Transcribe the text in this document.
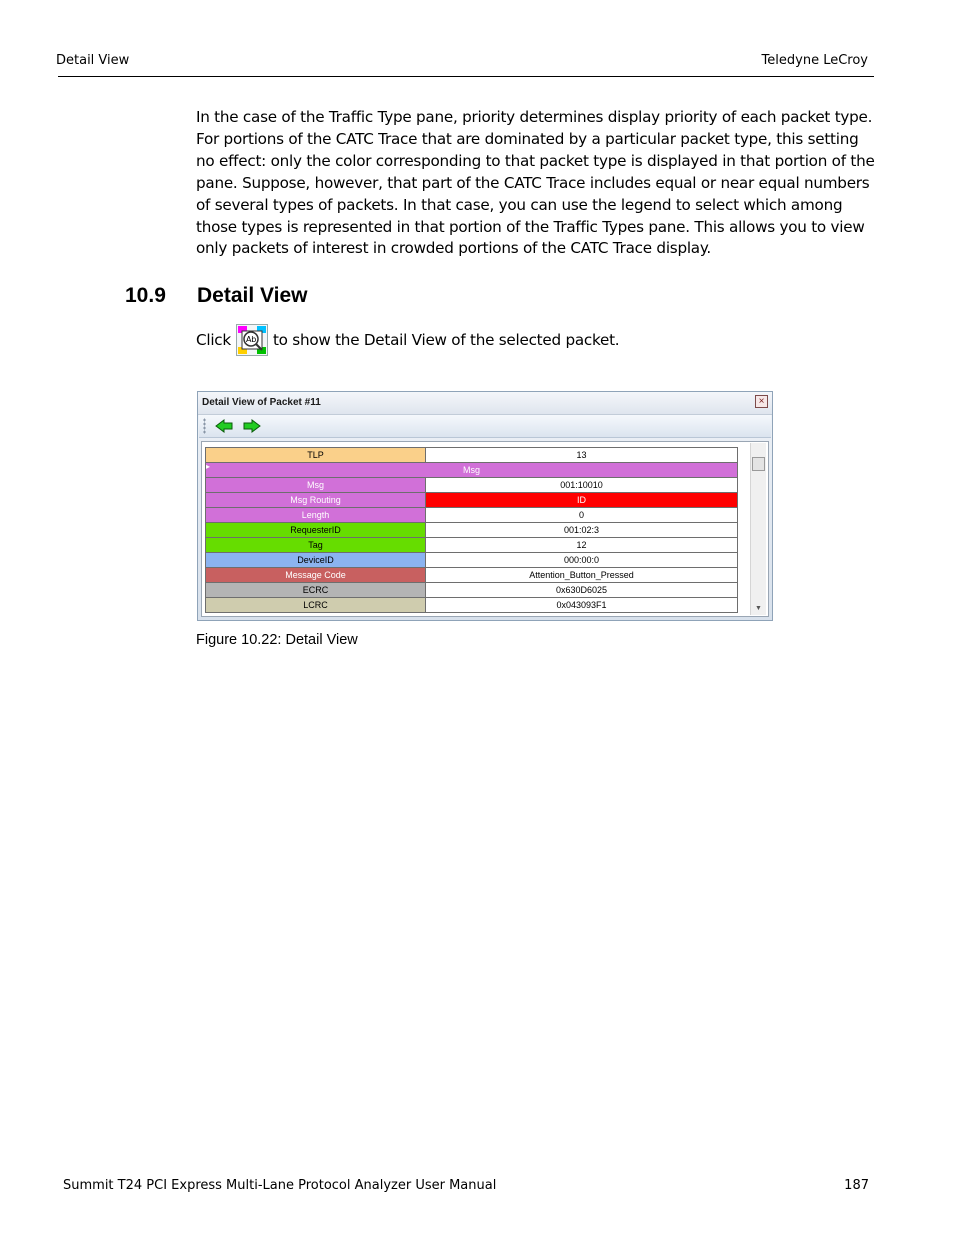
Detail View	Teledyne LeCroy
In the case of the Traffic Type pane, priority determines display priority of each packet type. For portions of the CATC Trace that are dominated by a particular packet type, this setting no effect: only the color corresponding to that packet type is displayed in that portion of the pane. Suppose, however, that part of the CATC Trace includes equal or near equal numbers of several types of packets. In that case, you can use the legend to select which among those types is represented in that portion of the Traffic Types pane. This allows you to view only packets of interest in crowded portions of the CATC Trace display.
10.9 Detail View
Click Ab to show the Detail View of the selected packet.
Detail View of Packet #11	×
TLP	13

▸ Msg	
Msg	001:10010
Msg Routing	ID
Length	0
RequesterID	001:02:3
Tag	12
DeviceID	000:00:0
Message Code	Attention_Button_Pressed
ECRC	0x630D6025
LCRC	0x043093F1	▼
Figure 10.22: Detail View
Summit T24 PCI Express Multi-Lane Protocol Analyzer User Manual	187
